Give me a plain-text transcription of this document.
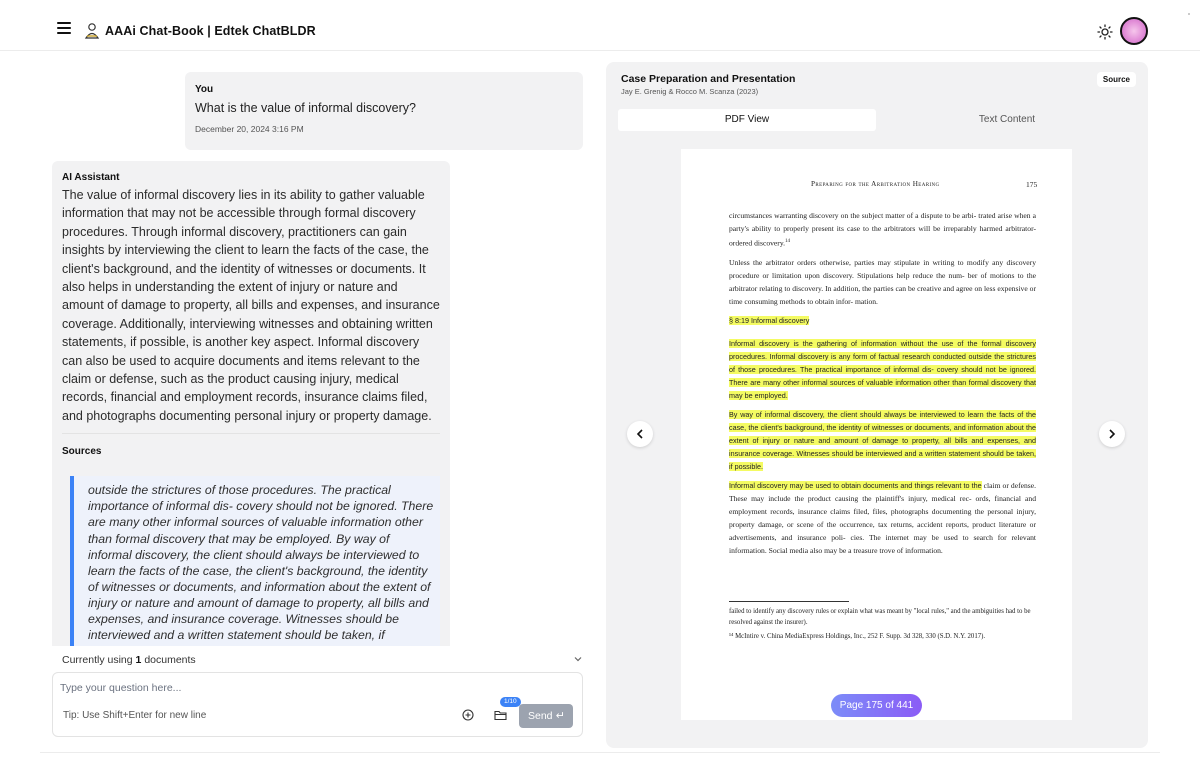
AAAi Chat-Book | Edtek ChatBLDR
You
What is the value of informal discovery?
December 20, 2024 3:16 PM
AI Assistant
The value of informal discovery lies in its ability to gather valuable information that may not be accessible through formal discovery procedures. Through informal discovery, practitioners can gain insights by interviewing the client to learn the facts of the case, the client's background, and the identity of witnesses or documents. It also helps in understanding the extent of injury or nature and amount of damage to property, all bills and expenses, and insurance coverage. Additionally, interviewing witnesses and obtaining written statements, if possible, is another key aspect. Informal discovery can also be used to acquire documents and items relevant to the claim or defense, such as the product causing injury, medical records, financial and employment records, insurance claims filed, and photographs documenting personal injury or property damage.
Sources
outside the strictures of those procedures. The practical importance of informal dis- covery should not be ignored. There are many other informal sources of valuable information other than formal discovery that may be employed. By way of informal discovery, the client should always be interviewed to learn the facts of the case, the client's background, the identity of witnesses or documents, and information about the extent of injury or nature and amount of damage to property, all bills and expenses, and insurance coverage. Witnesses should be interviewed and a written statement should be taken, if
Currently using 1 documents
Type your question here...
Tip: Use Shift+Enter for new line
1/10
Send ↵
Case Preparation and Presentation
Jay E. Grenig & Rocco M. Scanza (2023)
Source
PDF View	Text Content
Preparing for the Arbitration Hearing	175

circumstances warranting discovery on the subject matter of a dispute to be arbi- trated arise when a party's ability to properly present its case to the arbitrators will be irreparably harmed arbitrator-ordered discovery.$^{14}$

Unless the arbitrator orders otherwise, parties may stipulate in writing to modify any discovery procedure or limitation upon discovery. Stipulations help reduce the num- ber of motions to the arbitrator relating to discovery. In addition, the parties can be creative and agree on less expensive or time consuming methods to obtain infor- mation.

§ 8:19 Informal discovery

Informal discovery is the gathering of information without the use of the formal discovery procedures. Informal discovery is any form of factual research conducted outside the strictures of those procedures. The practical importance of informal dis- covery should not be ignored. There are many other informal sources of valuable information other than formal discovery that may be employed.

By way of informal discovery, the client should always be interviewed to learn the facts of the case, the client's background, the identity of witnesses or documents, and information about the extent of injury or nature and amount of damage to property, all bills and expenses, and insurance coverage. Witnesses should be interviewed and a written statement should be taken, if possible.

Informal discovery may be used to obtain documents and things relevant to the claim or defense. These may include the product causing the plaintiff's injury, medical rec- ords, financial and employment records, insurance claims filed, files, photographs documenting the personal injury, property damage, or scene of the occurrence, tax returns, accident reports, product literature or advertisements, and insurance poli- cies. The internet may be used to search for relevant information. Social media also may be a treasure trove of information.

failed to identify any discovery rules or explain what was meant by "local rules," and the ambiguities had to be resolved against the insurer).
¹⁴ McIntire v. China MediaExpress Holdings, Inc., 252 F. Supp. 3d 328, 330 (S.D. N.Y. 2017).
Page 175 of 441
